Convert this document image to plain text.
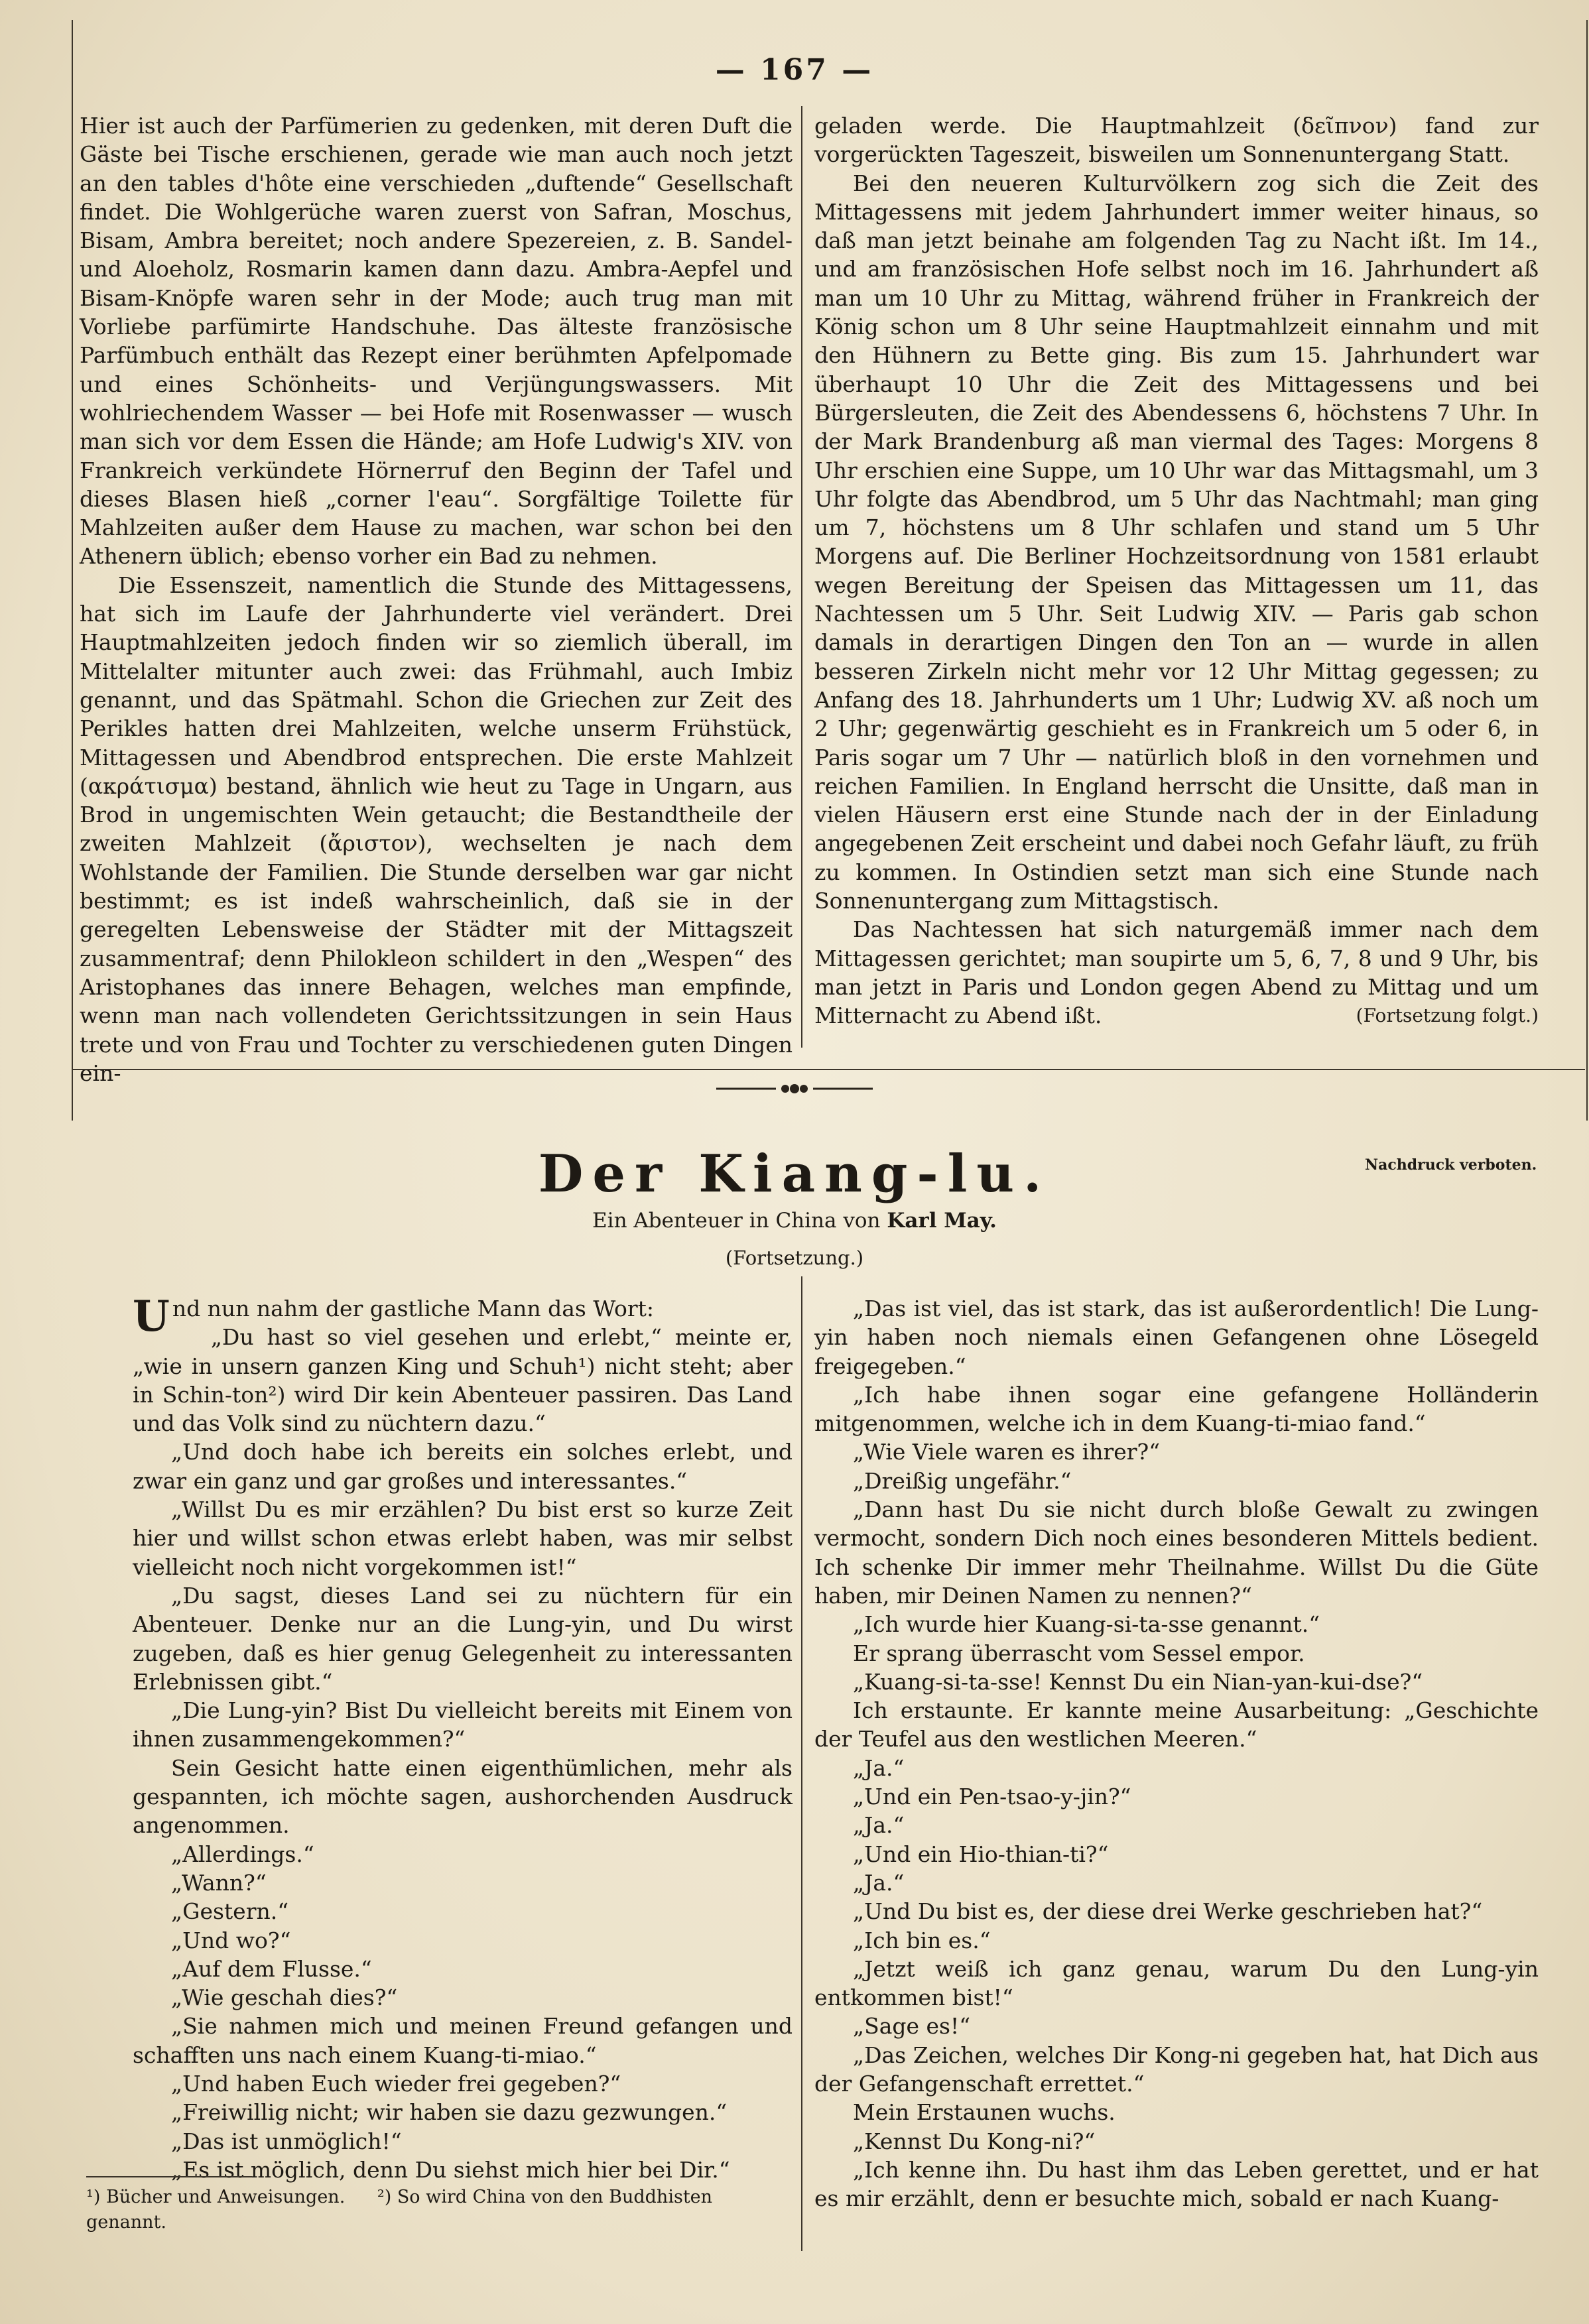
— 167 —

Hier ist auch der Parfümerien zu gedenken, mit deren Duft die Gäste bei Tische erschienen, gerade wie man auch noch jetzt an den tables d'hôte eine verschieden „duftende“ Gesellschaft findet. Die Wohlgerüche waren zuerst von Safran, Moschus, Bisam, Ambra bereitet; noch andere Spezereien, z. B. Sandel- und Aloeholz, Rosmarin kamen dann dazu. Ambra-Aepfel und Bisam-Knöpfe waren sehr in der Mode; auch trug man mit Vorliebe parfümirte Handschuhe. Das älteste französische Parfümbuch enthält das Rezept einer berühmten Apfelpomade und eines Schönheits- und Verjüngungswassers. Mit wohlriechendem Wasser — bei Hofe mit Rosenwasser — wusch man sich vor dem Essen die Hände; am Hofe Ludwig's XIV. von Frankreich verkündete Hörnerruf den Beginn der Tafel und dieses Blasen hieß „corner l'eau“. Sorgfältige Toilette für Mahlzeiten außer dem Hause zu machen, war schon bei den Athenern üblich; ebenso vorher ein Bad zu nehmen.

Die Essenszeit, namentlich die Stunde des Mittagessens, hat sich im Laufe der Jahrhunderte viel verändert. Drei Hauptmahlzeiten jedoch finden wir so ziemlich überall, im Mittelalter mitunter auch zwei: das Frühmahl, auch Imbiz genannt, und das Spätmahl. Schon die Griechen zur Zeit des Perikles hatten drei Mahlzeiten, welche unserm Frühstück, Mittagessen und Abendbrod entsprechen. Die erste Mahlzeit (ακράτισμα) bestand, ähnlich wie heut zu Tage in Ungarn, aus Brod in ungemischten Wein getaucht; die Bestandtheile der zweiten Mahlzeit (ἄριστον), wechselten je nach dem Wohlstande der Familien. Die Stunde derselben war gar nicht bestimmt; es ist indeß wahrscheinlich, daß sie in der geregelten Lebensweise der Städter mit der Mittagszeit zusammentraf; denn Philokleon schildert in den „Wespen“ des Aristophanes das innere Behagen, welches man empfinde, wenn man nach vollendeten Gerichtssitzungen in sein Haus trete und von Frau und Tochter zu verschiedenen guten Dingen ein-

geladen werde. Die Hauptmahlzeit (δεῖπνον) fand zur vorgerückten Tageszeit, bisweilen um Sonnenuntergang Statt.

Bei den neueren Kulturvölkern zog sich die Zeit des Mittagessens mit jedem Jahrhundert immer weiter hinaus, so daß man jetzt beinahe am folgenden Tag zu Nacht ißt. Im 14., und am französischen Hofe selbst noch im 16. Jahrhundert aß man um 10 Uhr zu Mittag, während früher in Frankreich der König schon um 8 Uhr seine Hauptmahlzeit einnahm und mit den Hühnern zu Bette ging. Bis zum 15. Jahrhundert war überhaupt 10 Uhr die Zeit des Mittagessens und bei Bürgersleuten, die Zeit des Abendessens 6, höchstens 7 Uhr. In der Mark Brandenburg aß man viermal des Tages: Morgens 8 Uhr erschien eine Suppe, um 10 Uhr war das Mittagsmahl, um 3 Uhr folgte das Abendbrod, um 5 Uhr das Nachtmahl; man ging um 7, höchstens um 8 Uhr schlafen und stand um 5 Uhr Morgens auf. Die Berliner Hochzeitsordnung von 1581 erlaubt wegen Bereitung der Speisen das Mittagessen um 11, das Nachtessen um 5 Uhr. Seit Ludwig XIV. — Paris gab schon damals in derartigen Dingen den Ton an — wurde in allen besseren Zirkeln nicht mehr vor 12 Uhr Mittag gegessen; zu Anfang des 18. Jahrhunderts um 1 Uhr; Ludwig XV. aß noch um 2 Uhr; gegenwärtig geschieht es in Frankreich um 5 oder 6, in Paris sogar um 7 Uhr — natürlich bloß in den vornehmen und reichen Familien. In England herrscht die Unsitte, daß man in vielen Häusern erst eine Stunde nach der in der Einladung angegebenen Zeit erscheint und dabei noch Gefahr läuft, zu früh zu kommen. In Ostindien setzt man sich eine Stunde nach Sonnenuntergang zum Mittagstisch.

Das Nachtessen hat sich naturgemäß immer nach dem Mittagessen gerichtet; man soupirte um 5, 6, 7, 8 und 9 Uhr, bis man jetzt in Paris und London gegen Abend zu Mittag und um Mitternacht zu Abend ißt.	(Fortsetzung folgt.)

Der Kiang-lu.	Nachdruck verboten.
Ein Abenteuer in China von Karl May.
(Fortsetzung.)

Und nun nahm der gastliche Mann das Wort:

„Du hast so viel gesehen und erlebt,“ meinte er, „wie in unsern ganzen King und Schuh¹) nicht steht; aber in Schin-ton²) wird Dir kein Abenteuer passiren. Das Land und das Volk sind zu nüchtern dazu.“

„Und doch habe ich bereits ein solches erlebt, und zwar ein ganz und gar großes und interessantes.“

„Willst Du es mir erzählen? Du bist erst so kurze Zeit hier und willst schon etwas erlebt haben, was mir selbst vielleicht noch nicht vorgekommen ist!“

„Du sagst, dieses Land sei zu nüchtern für ein Abenteuer. Denke nur an die Lung-yin, und Du wirst zugeben, daß es hier genug Gelegenheit zu interessanten Erlebnissen gibt.“

„Die Lung-yin? Bist Du vielleicht bereits mit Einem von ihnen zusammengekommen?“

Sein Gesicht hatte einen eigenthümlichen, mehr als gespannten, ich möchte sagen, aushorchenden Ausdruck angenommen.

„Allerdings.“

„Wann?“

„Gestern.“

„Und wo?“

„Auf dem Flusse.“

„Wie geschah dies?“

„Sie nahmen mich und meinen Freund gefangen und schafften uns nach einem Kuang-ti-miao.“

„Und haben Euch wieder frei gegeben?“

„Freiwillig nicht; wir haben sie dazu gezwungen.“

„Das ist unmöglich!“

„Es ist möglich, denn Du siehst mich hier bei Dir.“

„Das ist viel, das ist stark, das ist außerordentlich! Die Lung-yin haben noch niemals einen Gefangenen ohne Lösegeld freigegeben.“

„Ich habe ihnen sogar eine gefangene Holländerin mitgenommen, welche ich in dem Kuang-ti-miao fand.“

„Wie Viele waren es ihrer?“

„Dreißig ungefähr.“

„Dann hast Du sie nicht durch bloße Gewalt zu zwingen vermocht, sondern Dich noch eines besonderen Mittels bedient. Ich schenke Dir immer mehr Theilnahme. Willst Du die Güte haben, mir Deinen Namen zu nennen?“

„Ich wurde hier Kuang-si-ta-sse genannt.“

Er sprang überrascht vom Sessel empor.

„Kuang-si-ta-sse! Kennst Du ein Nian-yan-kui-dse?“

Ich erstaunte. Er kannte meine Ausarbeitung: „Geschichte der Teufel aus den westlichen Meeren.“

„Ja.“

„Und ein Pen-tsao-y-jin?“

„Ja.“

„Und ein Hio-thian-ti?“

„Ja.“

„Und Du bist es, der diese drei Werke geschrieben hat?“

„Ich bin es.“

„Jetzt weiß ich ganz genau, warum Du den Lung-yin entkommen bist!“

„Sage es!“

„Das Zeichen, welches Dir Kong-ni gegeben hat, hat Dich aus der Gefangenschaft errettet.“

Mein Erstaunen wuchs.

„Kennst Du Kong-ni?“

„Ich kenne ihn. Du hast ihm das Leben gerettet, und er hat es mir erzählt, denn er besuchte mich, sobald er nach Kuang-

¹) Bücher und Anweisungen. ²) So wird China von den Buddhisten genannt.
